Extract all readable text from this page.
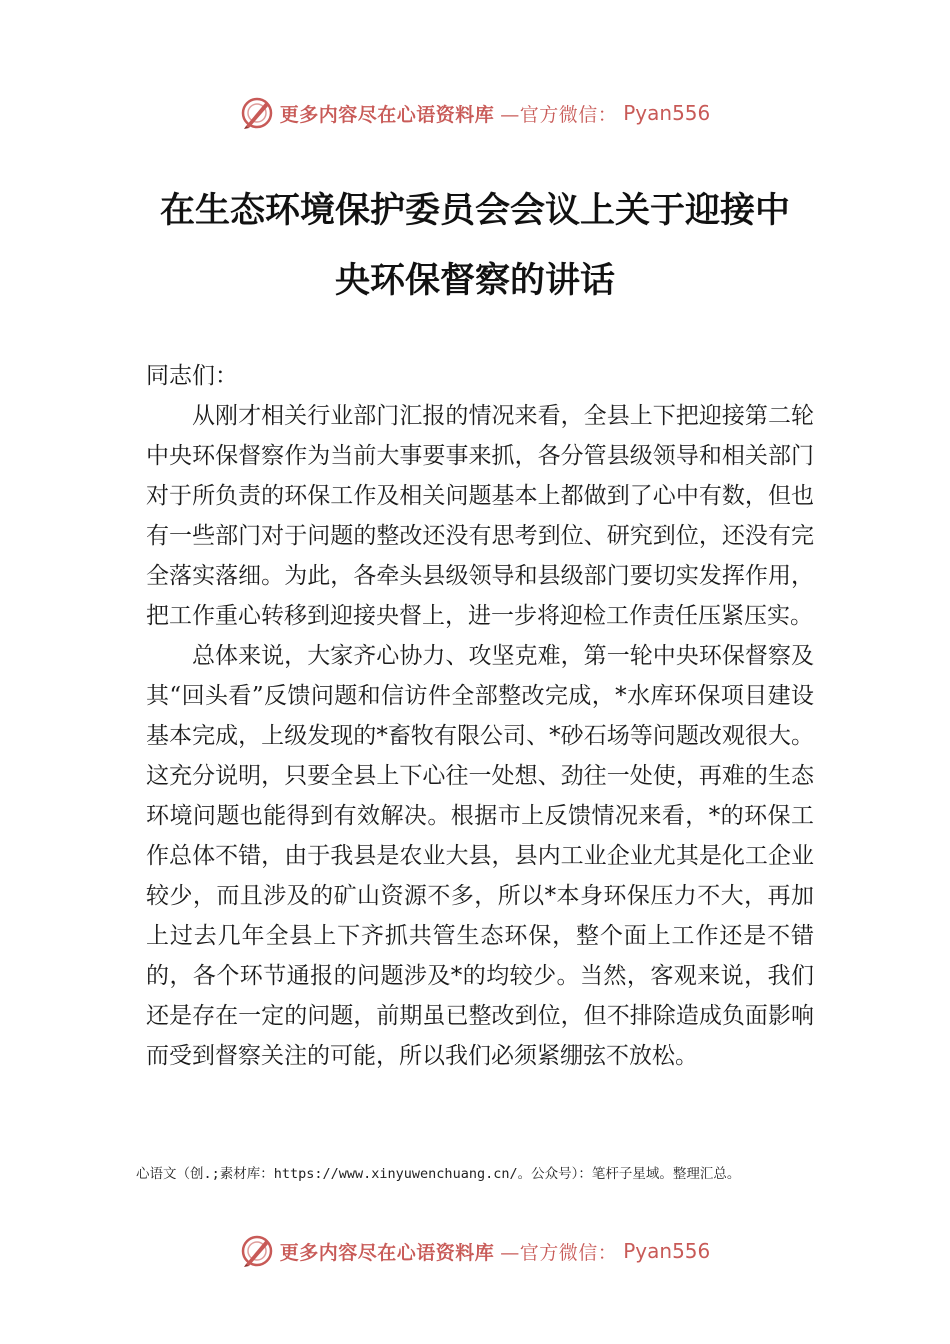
更多内容尽在心语资料库 —官方微信： Pyan556
在生态环境保护委员会会议上关于迎接中
央环保督察的讲话

同志们：

从刚才相关行业部门汇报的情况来看，全县上下把迎接第二轮中央环保督察作为当前大事要事来抓，各分管县级领导和相关部门对于所负责的环保工作及相关问题基本上都做到了心中有数，但也有一些部门对于问题的整改还没有思考到位、研究到位，还没有完全落实落细。为此，各牵头县级领导和县级部门要切实发挥作用，把工作重心转移到迎接央督上，进一步将迎检工作责任压紧压实。

总体来说，大家齐心协力、攻坚克难，第一轮中央环保督察及其“回头看”反馈问题和信访件全部整改完成，*水库环保项目建设基本完成，上级发现的*畜牧有限公司、*砂石场等问题改观很大。这充分说明，只要全县上下心往一处想、劲往一处使，再难的生态环境问题也能得到有效解决。根据市上反馈情况来看，*的环保工作总体不错，由于我县是农业大县，县内工业企业尤其是化工企业较少，而且涉及的矿山资源不多，所以*本身环保压力不大，再加上过去几年全县上下齐抓共管生态环保，整个面上工作还是不错的，各个环节通报的问题涉及*的均较少。当然，客观来说，我们还是存在一定的问题，前期虽已整改到位，但不排除造成负面影响而受到督察关注的可能，所以我们必须紧绷弦不放松。

心语文（创.;素材库：https://www.xinyuwenchuang.cn/。公众号）：笔杆子星域。整理汇总。

更多内容尽在心语资料库 —官方微信： Pyan556
